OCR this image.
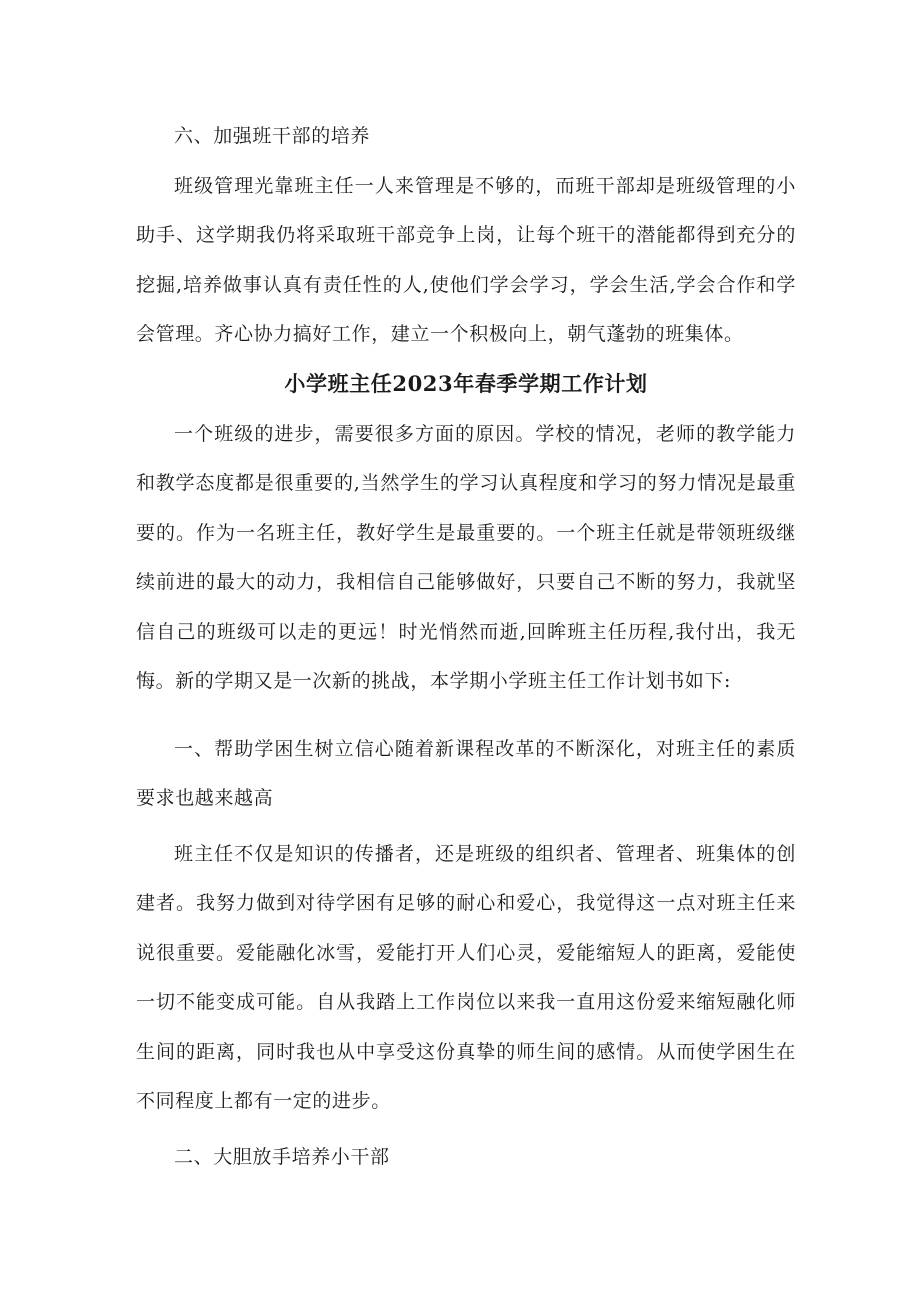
六、加强班干部的培养

班级管理光靠班主任一人来管理是不够的，而班干部却是班级管理的小助手、这学期我仍将采取班干部竞争上岗，让每个班干的潜能都得到充分的挖掘,培养做事认真有责任性的人,使他们学会学习，学会生活,学会合作和学会管理。齐心协力搞好工作，建立一个积极向上，朝气蓬勃的班集体。

小学班主任2023年春季学期工作计划

一个班级的进步，需要很多方面的原因。学校的情况，老师的教学能力和教学态度都是很重要的,当然学生的学习认真程度和学习的努力情况是最重要的。作为一名班主任，教好学生是最重要的。一个班主任就是带领班级继续前进的最大的动力，我相信自己能够做好，只要自己不断的努力，我就坚信自己的班级可以走的更远！时光悄然而逝,回眸班主任历程,我付出，我无悔。新的学期又是一次新的挑战，本学期小学班主任工作计划书如下:

一、帮助学困生树立信心随着新课程改革的不断深化，对班主任的素质要求也越来越高

班主任不仅是知识的传播者，还是班级的组织者、管理者、班集体的创建者。我努力做到对待学困有足够的耐心和爱心，我觉得这一点对班主任来说很重要。爱能融化冰雪，爱能打开人们心灵，爱能缩短人的距离，爱能使一切不能变成可能。自从我踏上工作岗位以来我一直用这份爱来缩短融化师生间的距离，同时我也从中享受这份真挚的师生间的感情。从而使学困生在不同程度上都有一定的进步。

二、大胆放手培养小干部
